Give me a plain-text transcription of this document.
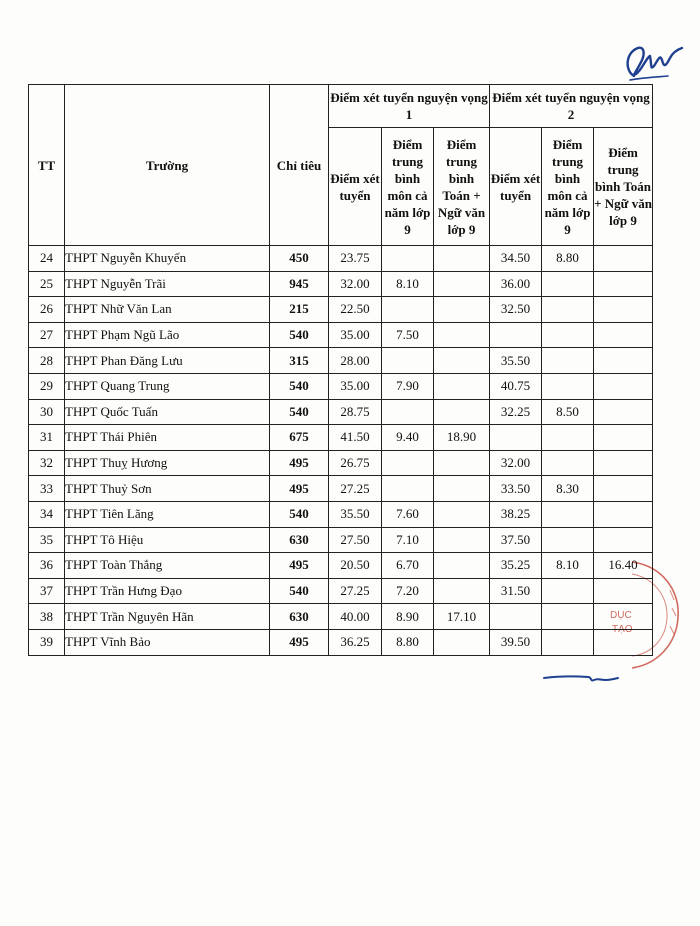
DỤC
TẠO
TT	Trường	Chỉ tiêu	Điểm xét tuyển nguyện vọng 1			Điểm xét tuyển nguyện vọng 2		
			Điểm xét tuyển	Điểm trung bình môn cả năm lớp 9	Điểm trung bình Toán + Ngữ văn lớp 9	Điểm xét tuyển	Điểm trung bình môn cả năm lớp 9	Điểm trung bình Toán + Ngữ văn lớp 9
24	THPT Nguyễn Khuyến	450	23.75			34.50	8.80	
25	THPT Nguyễn Trãi	945	32.00	8.10		36.00		
26	THPT Nhữ Văn Lan	215	22.50			32.50		
27	THPT Phạm Ngũ Lão	540	35.00	7.50				
28	THPT Phan Đăng Lưu	315	28.00			35.50		
29	THPT Quang Trung	540	35.00	7.90		40.75		
30	THPT Quốc Tuấn	540	28.75			32.25	8.50	
31	THPT Thái Phiên	675	41.50	9.40	18.90			
32	THPT Thuỵ Hương	495	26.75			32.00		
33	THPT Thuỷ Sơn	495	27.25			33.50	8.30	
34	THPT Tiên Lãng	540	35.50	7.60		38.25		
35	THPT Tô Hiệu	630	27.50	7.10		37.50		
36	THPT Toàn Thắng	495	20.50	6.70		35.25	8.10	16.40
37	THPT Trần Hưng Đạo	540	27.25	7.20		31.50		
38	THPT Trần Nguyên Hãn	630	40.00	8.90	17.10			
39	THPT Vĩnh Bảo	495	36.25	8.80		39.50		
